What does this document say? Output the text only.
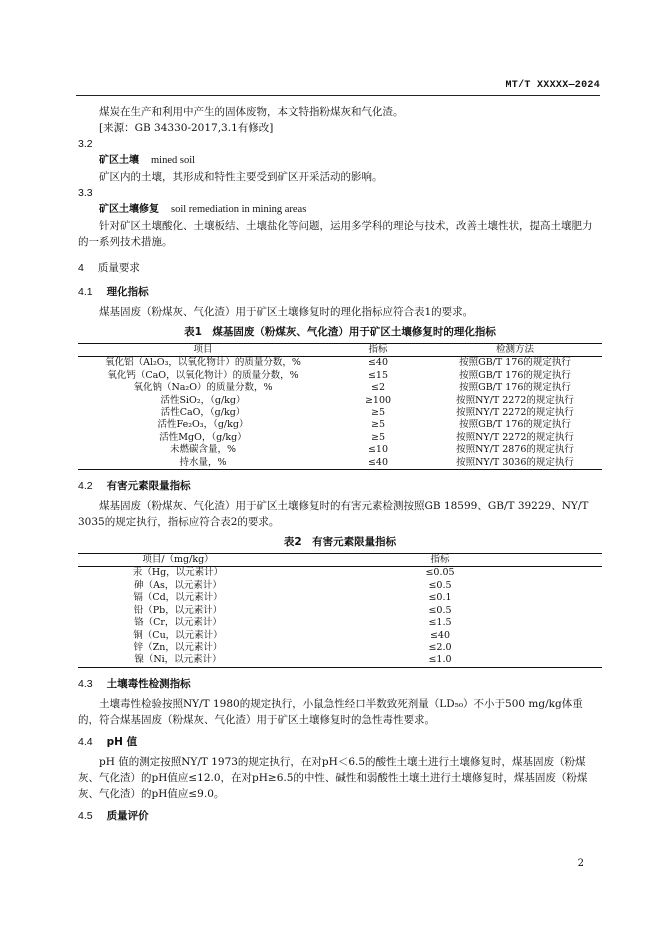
MT/T XXXXX—2024

煤炭在生产和利用中产生的固体废物，本文特指粉煤灰和气化渣。

[来源：GB 34330-2017,3.1有修改]

3.2

矿区土壤 mined soil

矿区内的土壤，其形成和特性主要受到矿区开采活动的影响。

3.3

矿区土壤修复 soil remediation in mining areas

针对矿区土壤酸化、土壤板结、土壤盐化等问题，运用多学科的理论与技术，改善土壤性状，提高土壤肥力的一系列技术措施。

4 质量要求

4.1 理化指标

煤基固废（粉煤灰、气化渣）用于矿区土壤修复时的理化指标应符合表1的要求。

表1　煤基固废（粉煤灰、气化渣）用于矿区土壤修复时的理化指标

项目	指标	检测方法
氧化铝（Al₂O₃，以氧化物计）的质量分数，%	≤40	按照GB/T 176的规定执行
氧化钙（CaO，以氧化物计）的质量分数，%	≤15	按照GB/T 176的规定执行
氧化钠（Na₂O）的质量分数，%	≤2	按照GB/T 176的规定执行
活性SiO₂，（g/kg）	≥100	按照NY/T 2272的规定执行
活性CaO，（g/kg）	≥5	按照NY/T 2272的规定执行
活性Fe₂O₃，（g/kg）	≥5	按照GB/T 176的规定执行
活性MgO，（g/kg）	≥5	按照NY/T 2272的规定执行
未燃碳含量，%	≤10	按照NY/T 2876的规定执行
持水量，%	≤40	按照NY/T 3036的规定执行

4.2 有害元素限量指标

煤基固废（粉煤灰、气化渣）用于矿区土壤修复时的有害元素检测按照GB 18599、GB/T 39229、NY/T 3035的规定执行，指标应符合表2的要求。

表2　有害元素限量指标

项目/（mg/kg）	指标
汞（Hg，以元素计）	≤0.05
砷（As，以元素计）	≤0.5
镉（Cd，以元素计）	≤0.1
铅（Pb，以元素计）	≤0.5
铬（Cr，以元素计）	≤1.5
铜（Cu，以元素计）	≤40
锌（Zn，以元素计）	≤2.0
镍（Ni，以元素计）	≤1.0

4.3 土壤毒性检测指标

土壤毒性检验按照NY/T 1980的规定执行，小鼠急性经口半数致死剂量（LD₅₀）不小于500 mg/kg体重的，符合煤基固废（粉煤灰、气化渣）用于矿区土壤修复时的急性毒性要求。

4.4 pH 值

pH 值的测定按照NY/T 1973的规定执行，在对pH＜6.5的酸性土壤土进行土壤修复时，煤基固废（粉煤灰、气化渣）的pH值应≤12.0，在对pH≥6.5的中性、碱性和弱酸性土壤土进行土壤修复时，煤基固废（粉煤灰、气化渣）的pH值应≤9.0。

4.5 质量评价

2
